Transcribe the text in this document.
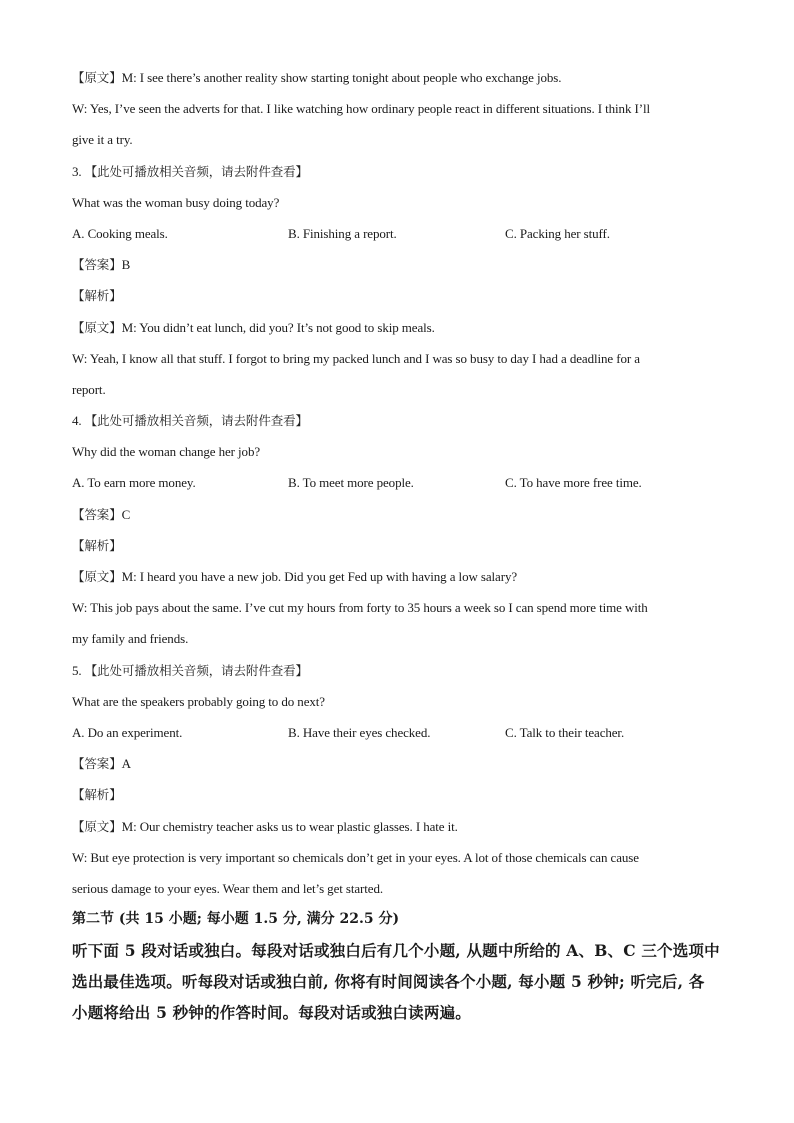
【原文】M: I see there’s another reality show starting tonight about people who exchange jobs.
W: Yes, I’ve seen the adverts for that. I like watching how ordinary people react in different situations. I think I’ll
give it a try.
3. 【此处可播放相关音频，请去附件查看】
What was the woman busy doing today?
A. Cooking meals.	B. Finishing a report.	C. Packing her stuff.
【答案】B
【解析】
【原文】M: You didn’t eat lunch, did you? It’s not good to skip meals.
W: Yeah, I know all that stuff. I forgot to bring my packed lunch and I was so busy to day I had a deadline for a
report.
4. 【此处可播放相关音频，请去附件查看】
Why did the woman change her job?
A. To earn more money.	B. To meet more people.	C. To have more free time.
【答案】C
【解析】
【原文】M: I heard you have a new job. Did you get Fed up with having a low salary?
W: This job pays about the same. I’ve cut my hours from forty to 35 hours a week so I can spend more time with
my family and friends.
5. 【此处可播放相关音频，请去附件查看】
What are the speakers probably going to do next?
A. Do an experiment.	B. Have their eyes checked.	C. Talk to their teacher.
【答案】A
【解析】
【原文】M: Our chemistry teacher asks us to wear plastic glasses. I hate it.
W: But eye protection is very important so chemicals don’t get in your eyes. A lot of those chemicals can cause
serious damage to your eyes. Wear them and let’s get started.
第二节 (共 15 小题; 每小题 1.5 分, 满分 22.5 分)
听下面 5 段对话或独白。每段对话或独白后有几个小题, 从题中所给的 A、B、C 三个选项中
选出最佳选项。听每段对话或独白前, 你将有时间阅读各个小题, 每小题 5 秒钟; 听完后, 各
小题将给出 5 秒钟的作答时间。每段对话或独白读两遍。
